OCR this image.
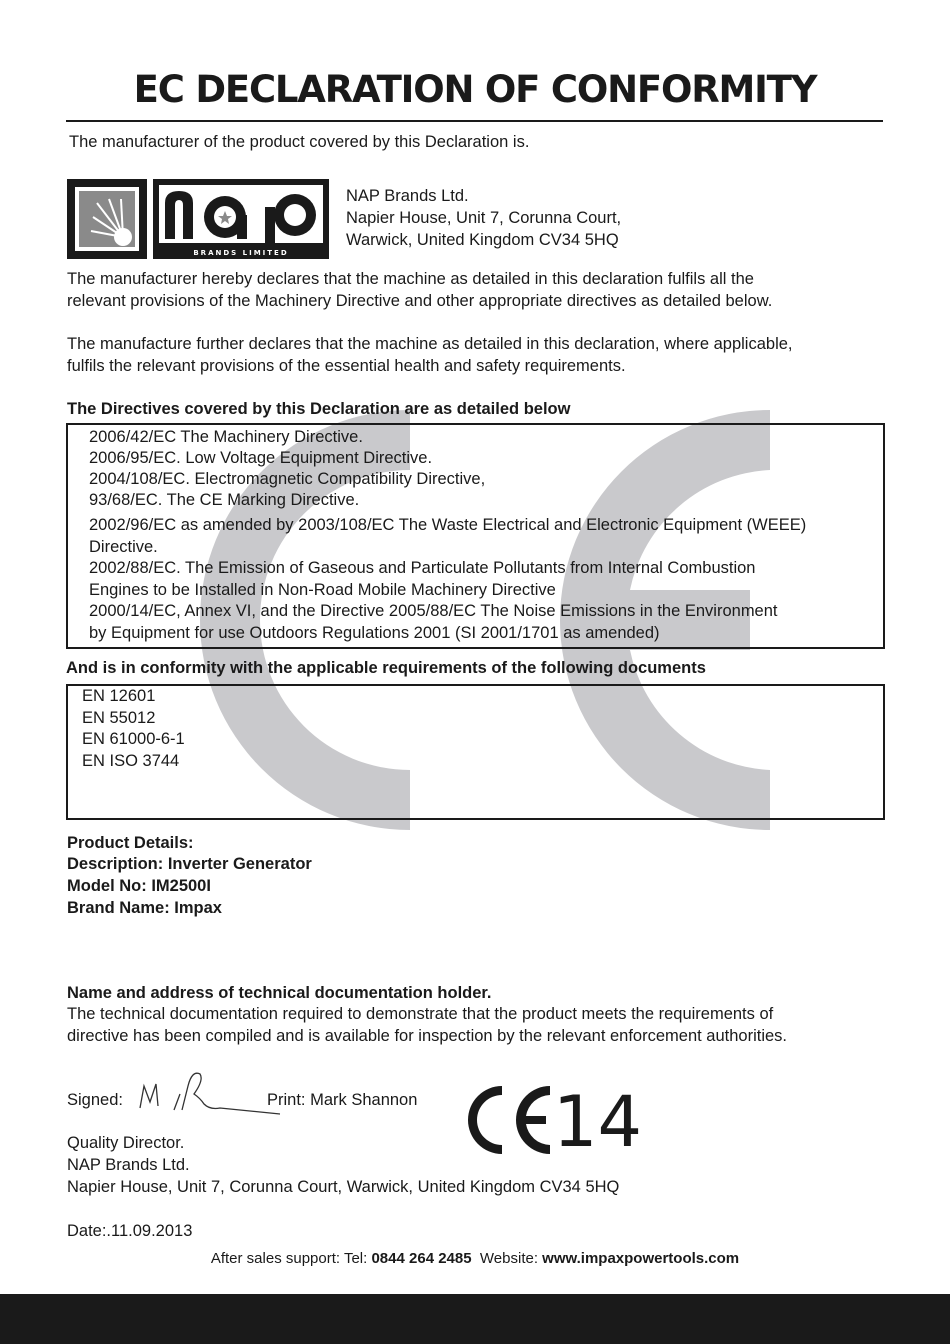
EC DECLARATION OF CONFORMITY
The manufacturer of the product covered by this Declaration is.
BRANDS LIMITED
NAP Brands Ltd.
Napier House, Unit 7, Corunna Court,
Warwick, United Kingdom CV34 5HQ
The manufacturer hereby declares that the machine as detailed in this declaration fulfils all the
relevant provisions of the Machinery Directive and other appropriate directives as detailed below.
The manufacture further declares that the machine as detailed in this declaration, where applicable,
fulfils the relevant provisions of the essential health and safety requirements.
The Directives covered by this Declaration are as detailed below
2006/42/EC The Machinery Directive.
2006/95/EC. Low Voltage Equipment Directive.
2004/108/EC. Electromagnetic Compatibility Directive,
93/68/EC. The CE Marking Directive.
2002/96/EC as amended by 2003/108/EC The Waste Electrical and Electronic Equipment (WEEE)
Directive.
2002/88/EC. The Emission of Gaseous and Particulate Pollutants from Internal Combustion
Engines to be Installed in Non-Road Mobile Machinery Directive
2000/14/EC, Annex VI, and the Directive 2005/88/EC The Noise Emissions in the Environment
by Equipment for use Outdoors Regulations 2001 (SI 2001/1701 as amended)
And is in conformity with the applicable requirements of the following documents
EN 12601
EN 55012
EN 61000-6-1
EN ISO 3744
Product Details:
Description: Inverter Generator
Model No: IM2500I
Brand Name: Impax
Name and address of technical documentation holder.
The technical documentation required to demonstrate that the product meets the requirements of
directive has been compiled and is available for inspection by the relevant enforcement authorities.
Signed:	Print: Mark Shannon 14
Quality Director.
NAP Brands Ltd.
Napier House, Unit 7, Corunna Court, Warwick, United Kingdom CV34 5HQ
Date:.11.09.2013
After sales support: Tel: 0844 264 2485  Website: www.impaxpowertools.com
